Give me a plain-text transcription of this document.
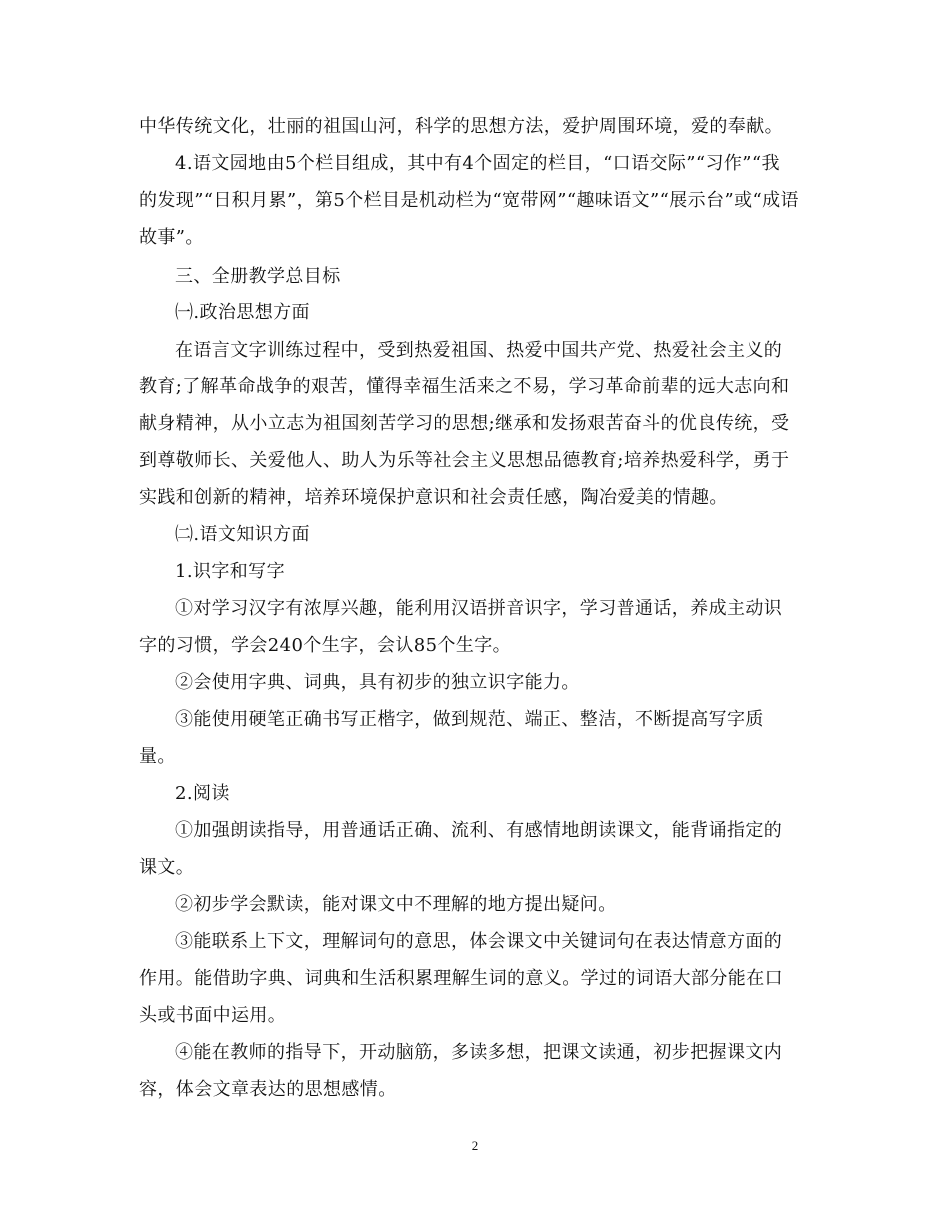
中华传统文化，壮丽的祖国山河，科学的思想方法，爱护周围环境，爱的奉献。
4.语文园地由5个栏目组成，其中有4个固定的栏目，“口语交际”“习作”“我
的发现”“日积月累”，第5个栏目是机动栏为“宽带网”“趣味语文”“展示台”或“成语
故事”。
三、全册教学总目标
㈠.政治思想方面
在语言文字训练过程中，受到热爱祖国、热爱中国共产党、热爱社会主义的
教育;了解革命战争的艰苦，懂得幸福生活来之不易，学习革命前辈的远大志向和
献身精神，从小立志为祖国刻苦学习的思想;继承和发扬艰苦奋斗的优良传统，受
到尊敬师长、关爱他人、助人为乐等社会主义思想品德教育;培养热爱科学，勇于
实践和创新的精神，培养环境保护意识和社会责任感，陶冶爱美的情趣。
㈡.语文知识方面
1.识字和写字
①对学习汉字有浓厚兴趣，能利用汉语拼音识字，学习普通话，养成主动识
字的习惯，学会240个生字，会认85个生字。
②会使用字典、词典，具有初步的独立识字能力。
③能使用硬笔正确书写正楷字，做到规范、端正、整洁，不断提高写字质
量。
2.阅读
①加强朗读指导，用普通话正确、流利、有感情地朗读课文，能背诵指定的
课文。
②初步学会默读，能对课文中不理解的地方提出疑问。
③能联系上下文，理解词句的意思，体会课文中关键词句在表达情意方面的
作用。能借助字典、词典和生活积累理解生词的意义。学过的词语大部分能在口
头或书面中运用。
④能在教师的指导下，开动脑筋，多读多想，把课文读通，初步把握课文内
容，体会文章表达的思想感情。
2
